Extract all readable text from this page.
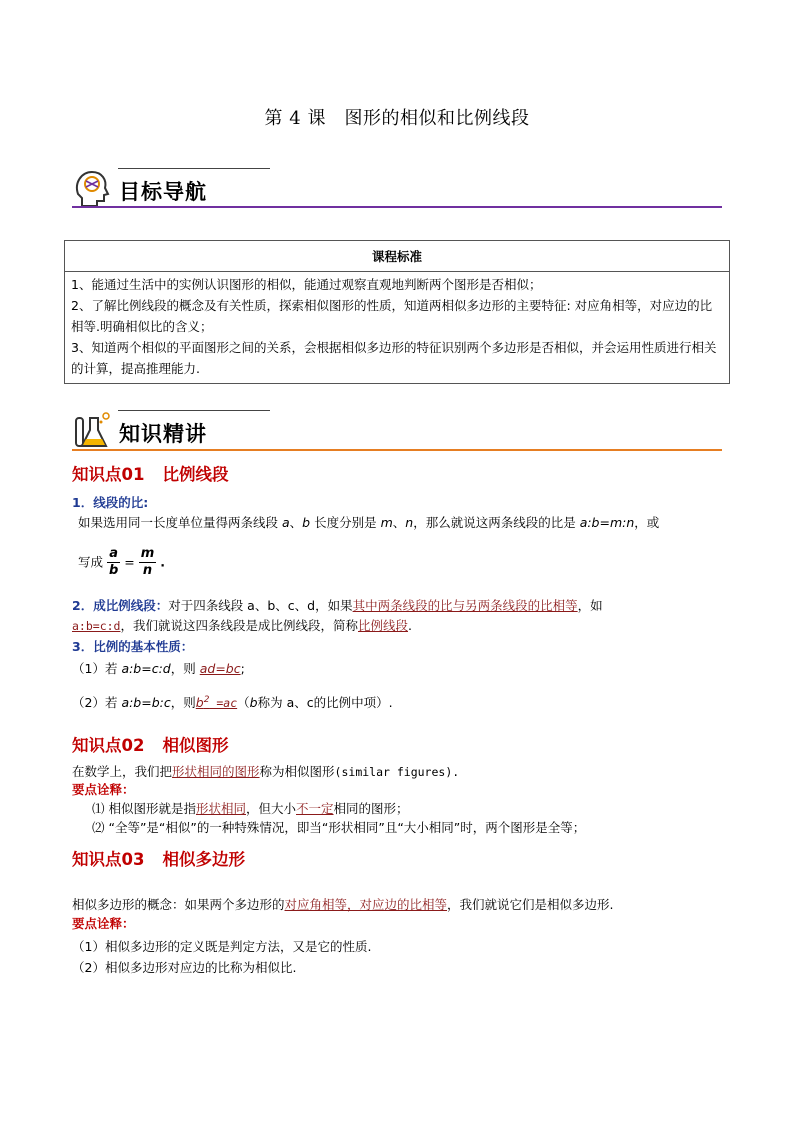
第 4 课　图形的相似和比例线段
目标导航
课程标准

1、能通过生活中的实例认识图形的相似，能通过观察直观地判断两个图形是否相似；
2、了解比例线段的概念及有关性质，探索相似图形的性质，知道两相似多边形的主要特征: 对应角相等，对应边的比相等.明确相似比的含义；
3、知道两个相似的平面图形之间的关系，会根据相似多边形的特征识别两个多边形是否相似，并会运用性质进行相关的计算，提高推理能力.
知识精讲
知识点01 比例线段
1．线段的比:
如果选用同一长度单位量得两条线段 a、b 长度分别是 m、n，那么就说这两条线段的比是 a:b=m:n，或
写成 $\frac{a}{b} = \frac{m}{n}$ .
2．成比例线段：对于四条线段 a、b、c、d，如果其中两条线段的比与另两条线段的比相等，如
a:b=c:d，我们就说这四条线段是成比例线段，简称比例线段.
3．比例的基本性质：
（1）若 a:b=c:d，则 ad=bc;
（2）若 a:b=b:c，则$b^2 =ac(b$称为 a、c的比例中项）.
知识点02 相似图形
在数学上，我们把形状相同的图形称为相似图形(similar figures).
要点诠释：
⑴ 相似图形就是指形状相同，但大小不一定相同的图形；
⑵ “全等”是“相似”的一种特殊情况，即当“形状相同”且“大小相同”时，两个图形是全等；
知识点03 相似多边形
相似多边形的概念：如果两个多边形的对应角相等，对应边的比相等，我们就说它们是相似多边形.
要点诠释：
（1）相似多边形的定义既是判定方法，又是它的性质.
（2）相似多边形对应边的比称为相似比.
